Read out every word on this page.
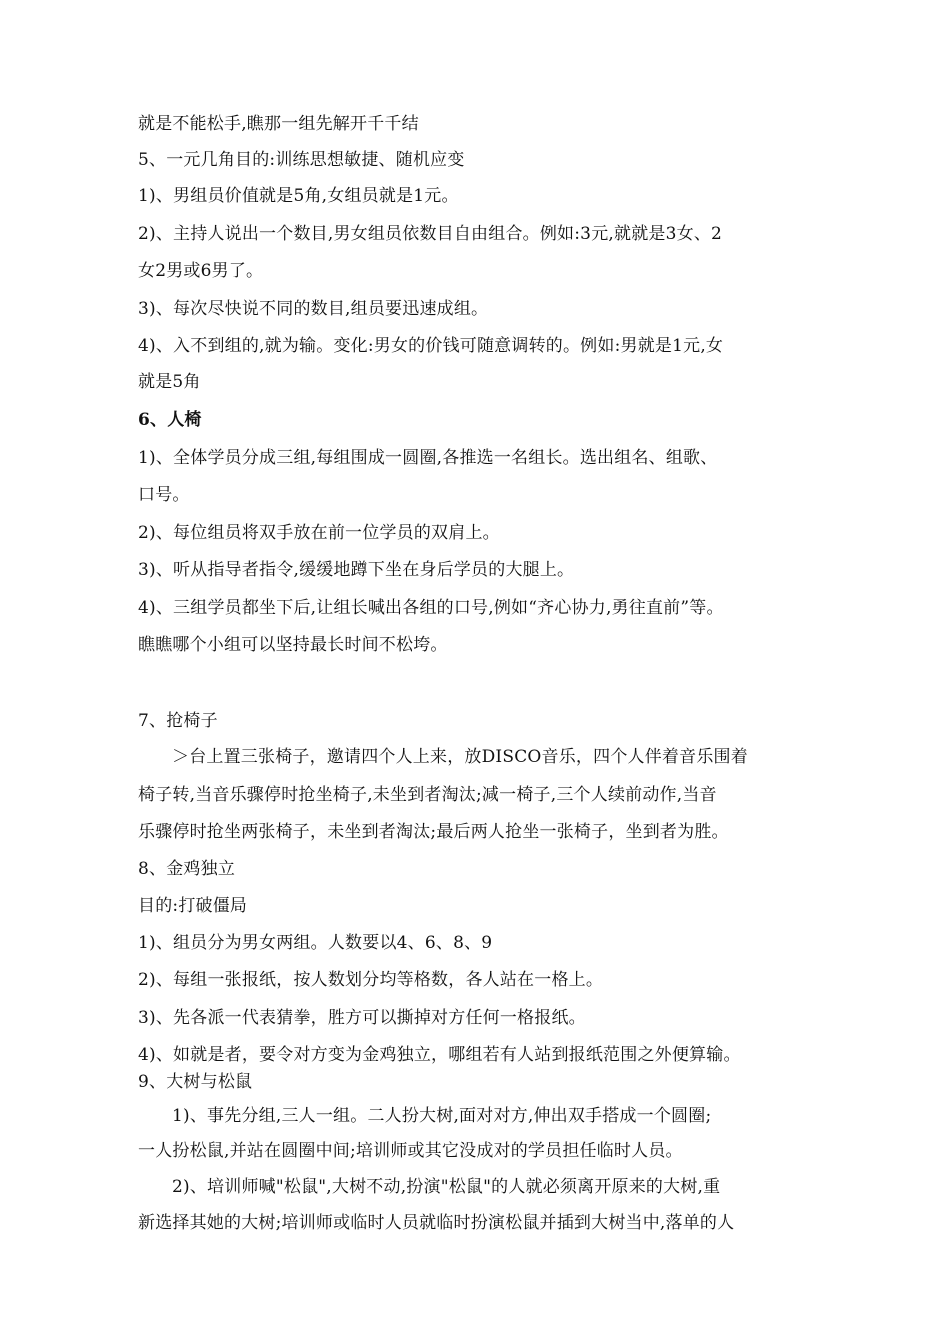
就是不能松手,瞧那一组先解开千千结
5、一元几角目的:训练思想敏捷、随机应变
1)、男组员价值就是5角,女组员就是1元。
2)、主持人说出一个数目,男女组员依数目自由组合。例如:3元,就就是3女、2
女2男或6男了。
3)、每次尽快说不同的数目,组员要迅速成组。
4)、入不到组的,就为输。变化:男女的价钱可随意调转的。例如:男就是1元,女
就是5角
6、人椅
1)、全体学员分成三组,每组围成一圆圈,各推选一名组长。选出组名、组歌、
口号。
2)、每位组员将双手放在前一位学员的双肩上。
3)、听从指导者指令,缓缓地蹲下坐在身后学员的大腿上。
4)、三组学员都坐下后,让组长喊出各组的口号,例如“齐心协力,勇往直前”等。
瞧瞧哪个小组可以坚持最长时间不松垮。
7、抢椅子
＞台上置三张椅子，邀请四个人上来，放DISCO音乐，四个人伴着音乐围着
椅子转,当音乐骤停时抢坐椅子,未坐到者淘汰;减一椅子,三个人续前动作,当音
乐骤停时抢坐两张椅子，未坐到者淘汰;最后两人抢坐一张椅子，坐到者为胜。
8、金鸡独立
目的:打破僵局
1)、组员分为男女两组。人数要以4、6、8、9
2)、每组一张报纸，按人数划分均等格数，各人站在一格上。
3)、先各派一代表猜拳，胜方可以撕掉对方任何一格报纸。
4)、如就是者，要令对方变为金鸡独立，哪组若有人站到报纸范围之外便算输。
9、大树与松鼠
1)、事先分组,三人一组。二人扮大树,面对对方,伸出双手搭成一个圆圈;
一人扮松鼠,并站在圆圈中间;培训师或其它没成对的学员担任临时人员。
2)、培训师喊"松鼠",大树不动,扮演"松鼠"的人就必须离开原来的大树,重
新选择其她的大树;培训师或临时人员就临时扮演松鼠并插到大树当中,落单的人
